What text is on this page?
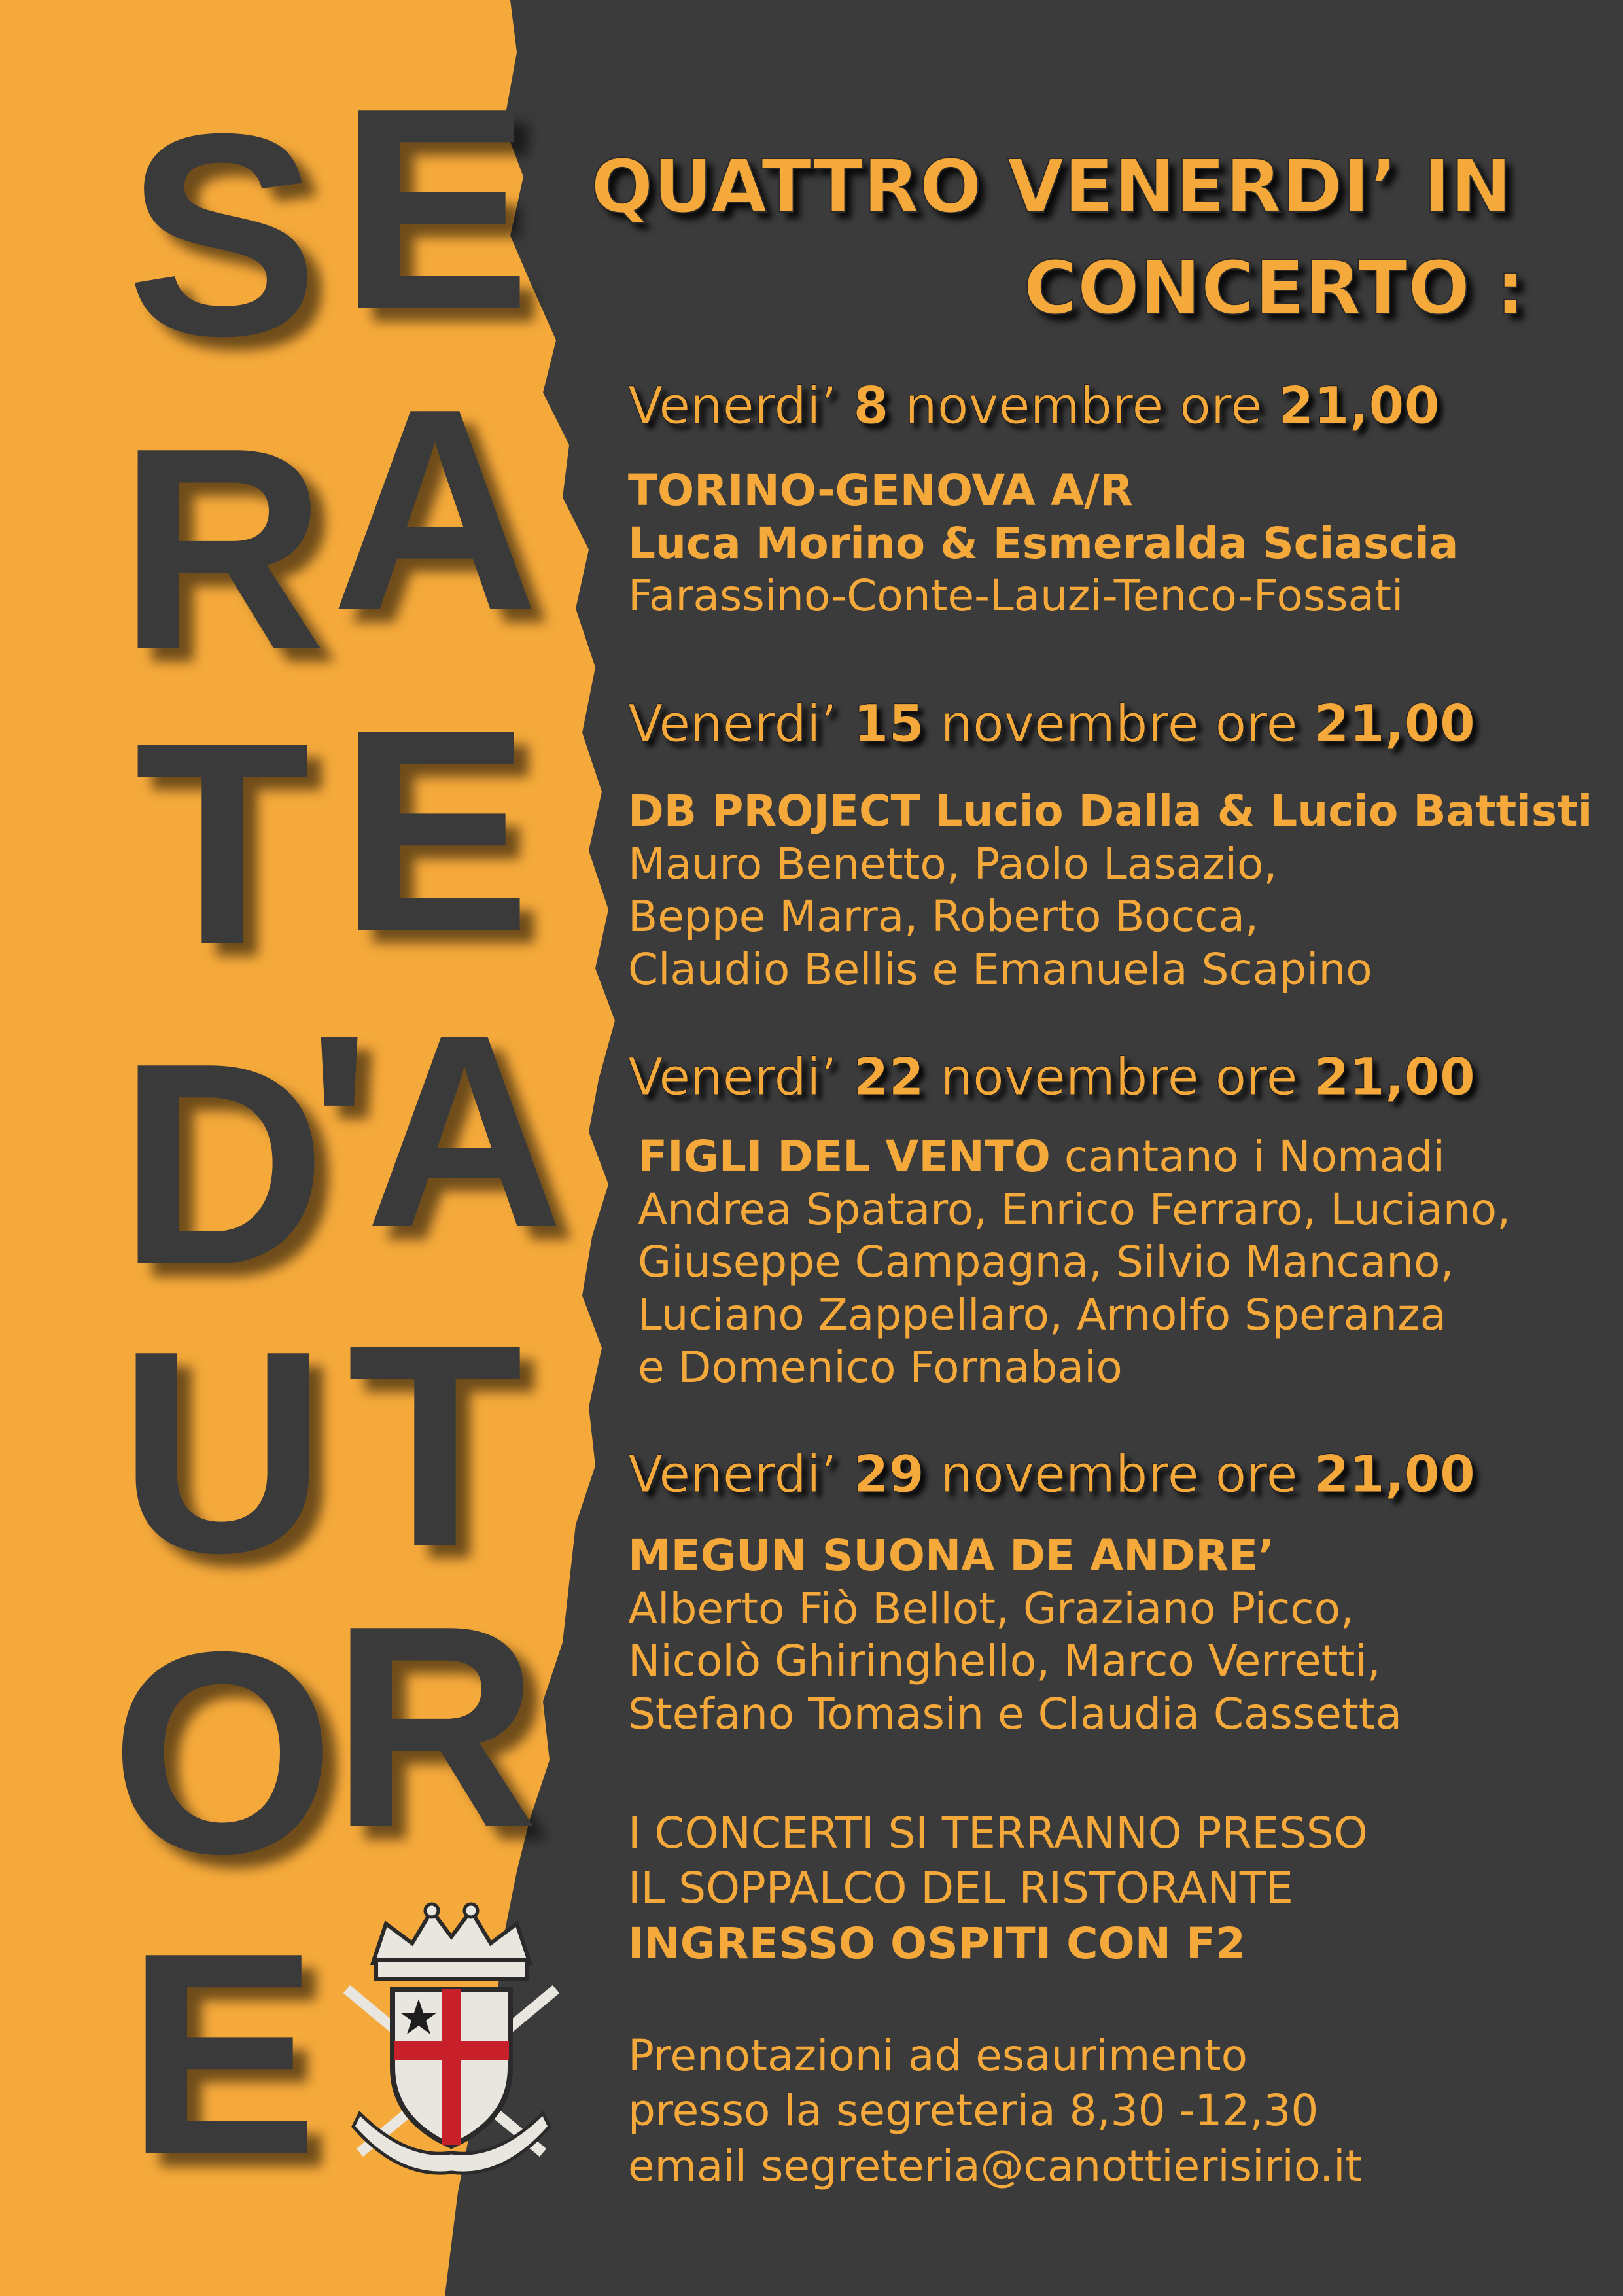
S
R
T
D
U
O
E
E
A
E
'A
T
R
QUATTRO VENERDI’ IN
CONCERTO :
Venerdi’ 8 novembre ore 21,00
TORINO-GENOVA A/R
Luca Morino & Esmeralda Sciascia
Farassino-Conte-Lauzi-Tenco-Fossati
Venerdi’ 15 novembre ore 21,00
DB PROJECT Lucio Dalla & Lucio Battisti
Mauro Benetto, Paolo Lasazio,
Beppe Marra, Roberto Bocca,
Claudio Bellis e Emanuela Scapino
Venerdi’ 22 novembre ore 21,00
FIGLI DEL VENTO cantano i Nomadi
Andrea Spataro, Enrico Ferraro, Luciano,
Giuseppe Campagna, Silvio Mancano,
Luciano Zappellaro, Arnolfo Speranza
e Domenico Fornabaio
Venerdi’ 29 novembre ore 21,00
MEGUN SUONA DE ANDRE’
Alberto Fiò Bellot, Graziano Picco,
Nicolò Ghiringhello, Marco Verretti,
Stefano Tomasin e Claudia Cassetta
I CONCERTI SI TERRANNO PRESSO
IL SOPPALCO DEL RISTORANTE
INGRESSO OSPITI CON F2
Prenotazioni ad esaurimento
presso la segreteria 8,30 -12,30
email segreteria@canottierisirio.it
